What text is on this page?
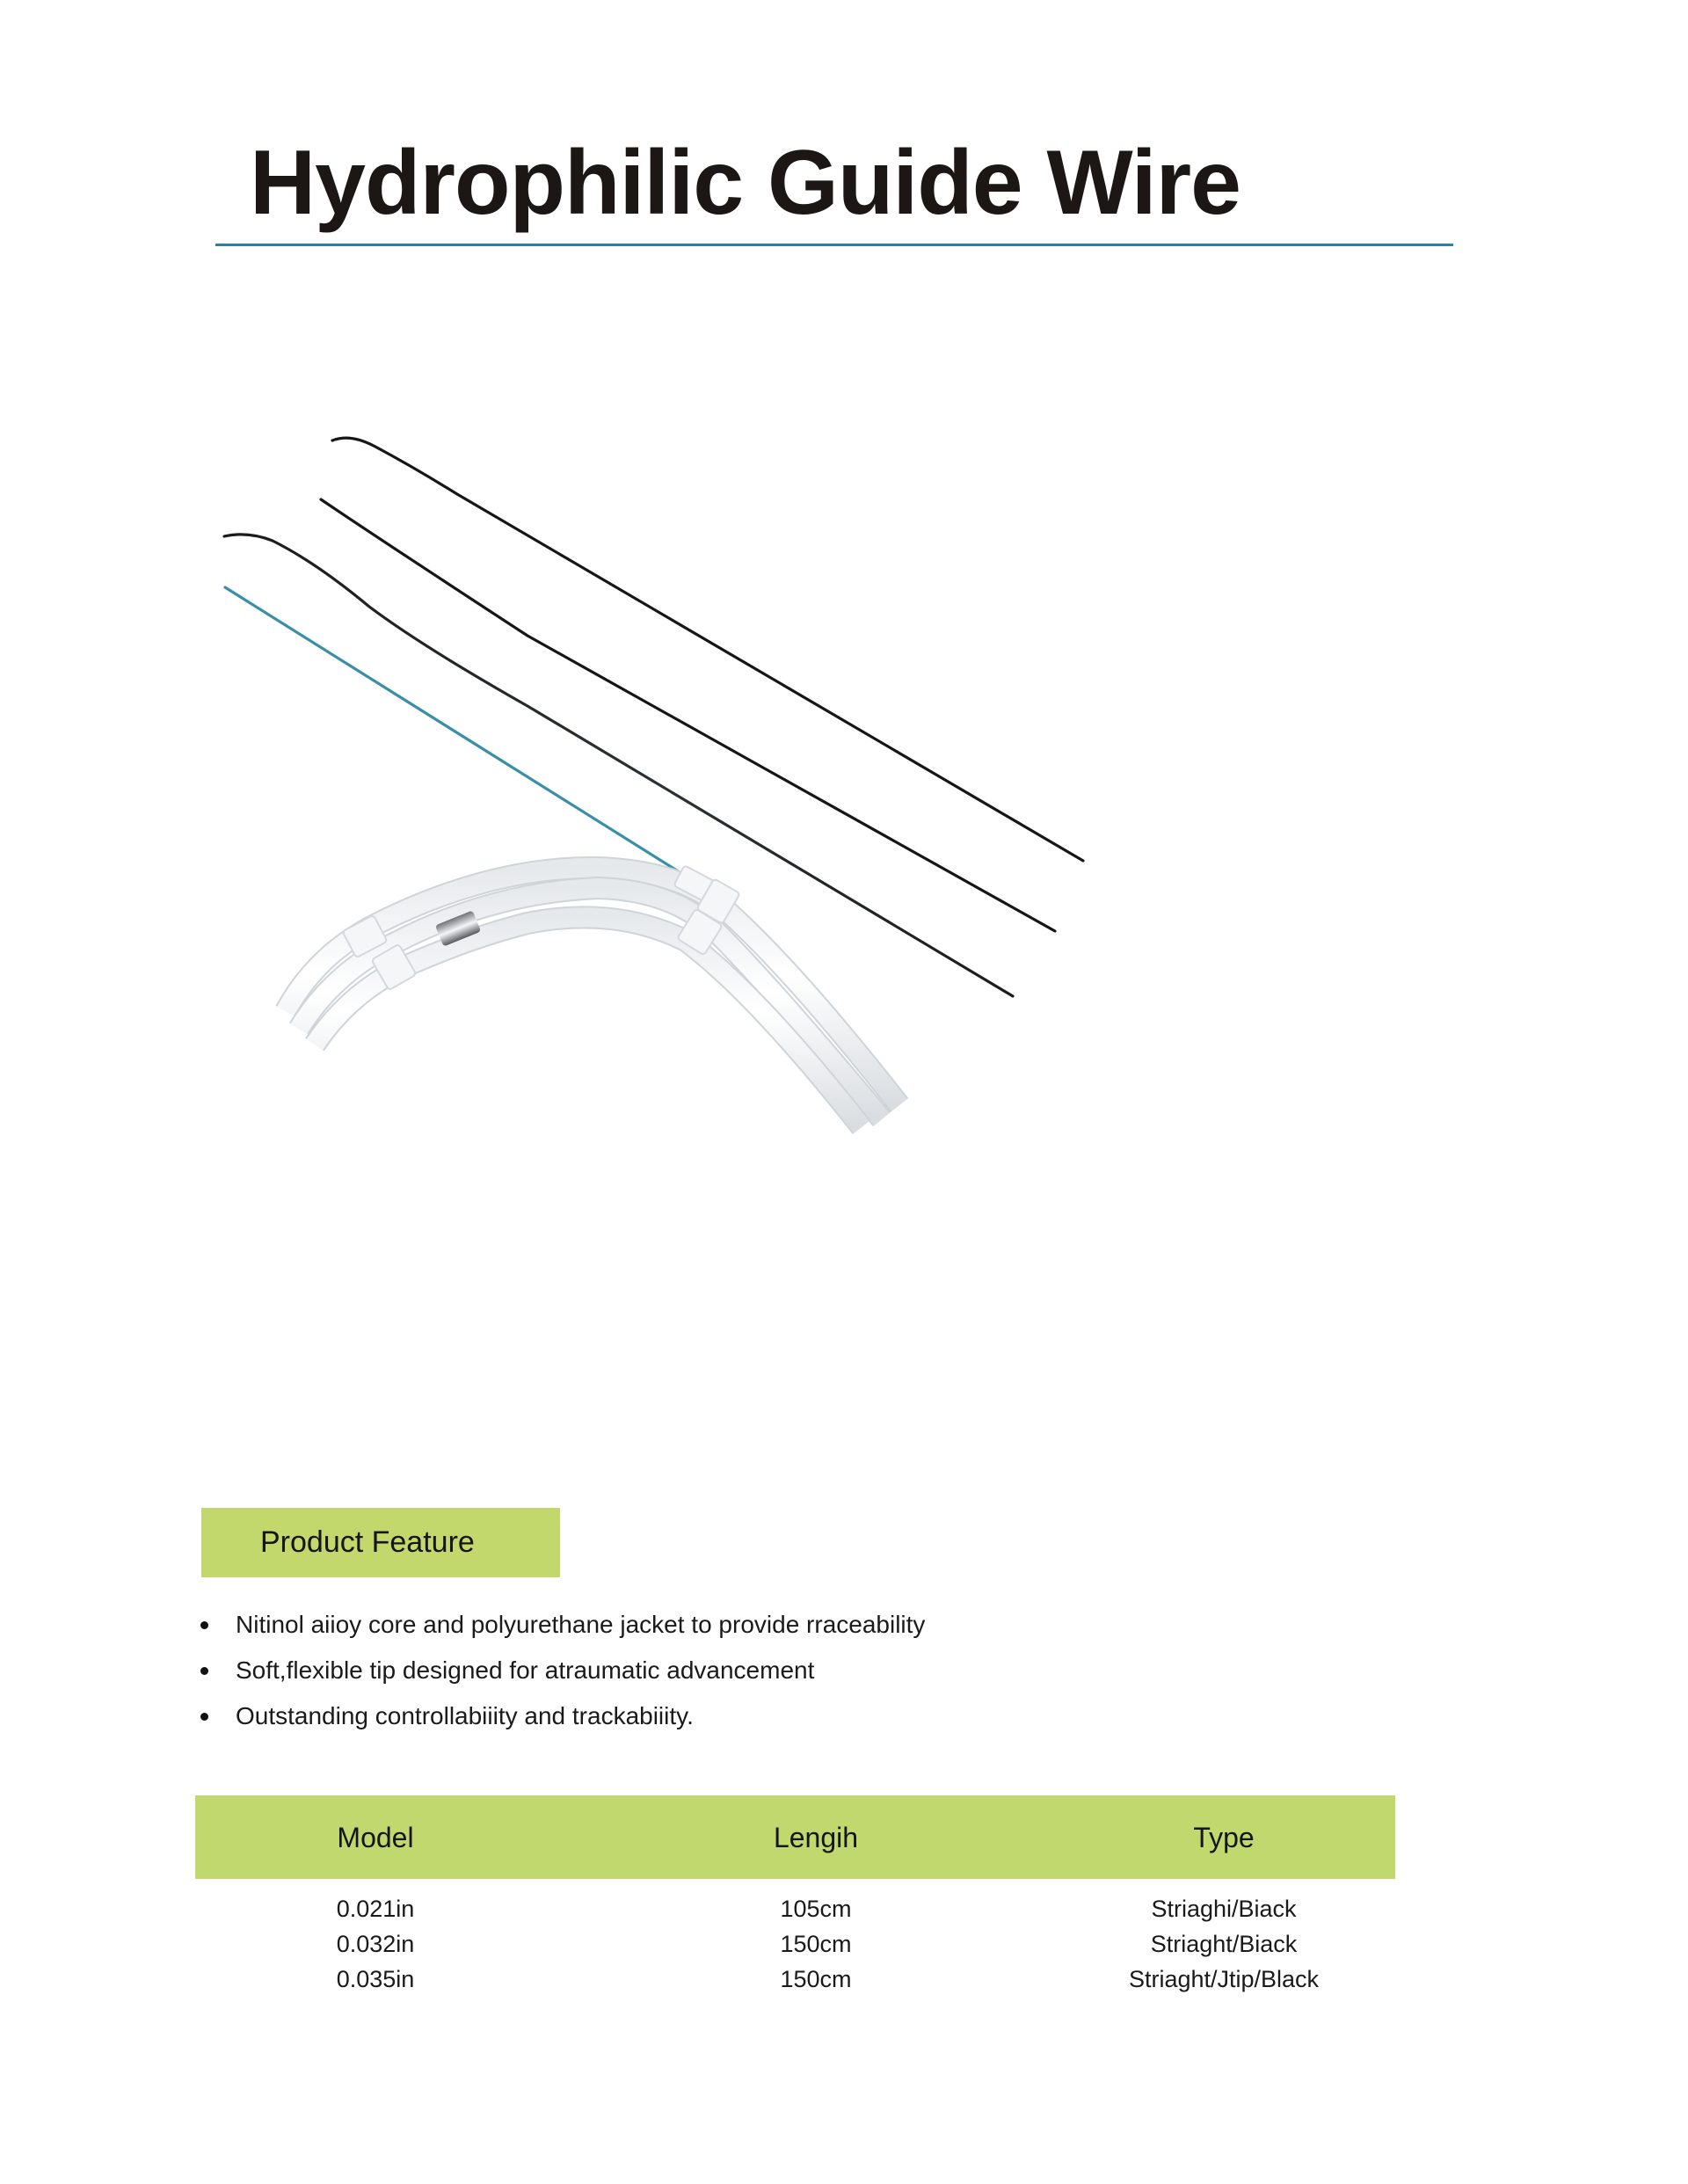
Hydrophilic Guide Wire
Product Feature
Nitinol aiioy core and polyurethane jacket to provide rraceability
Soft,flexible tip designed for atraumatic advancement
Outstanding controllabiiity and trackabiiity.
Model	Lengih	Type
0.021in	105cm	Striaghi/Biack
0.032in	150cm	Striaght/Biack
0.035in	150cm	Striaght/Jtip/Black
